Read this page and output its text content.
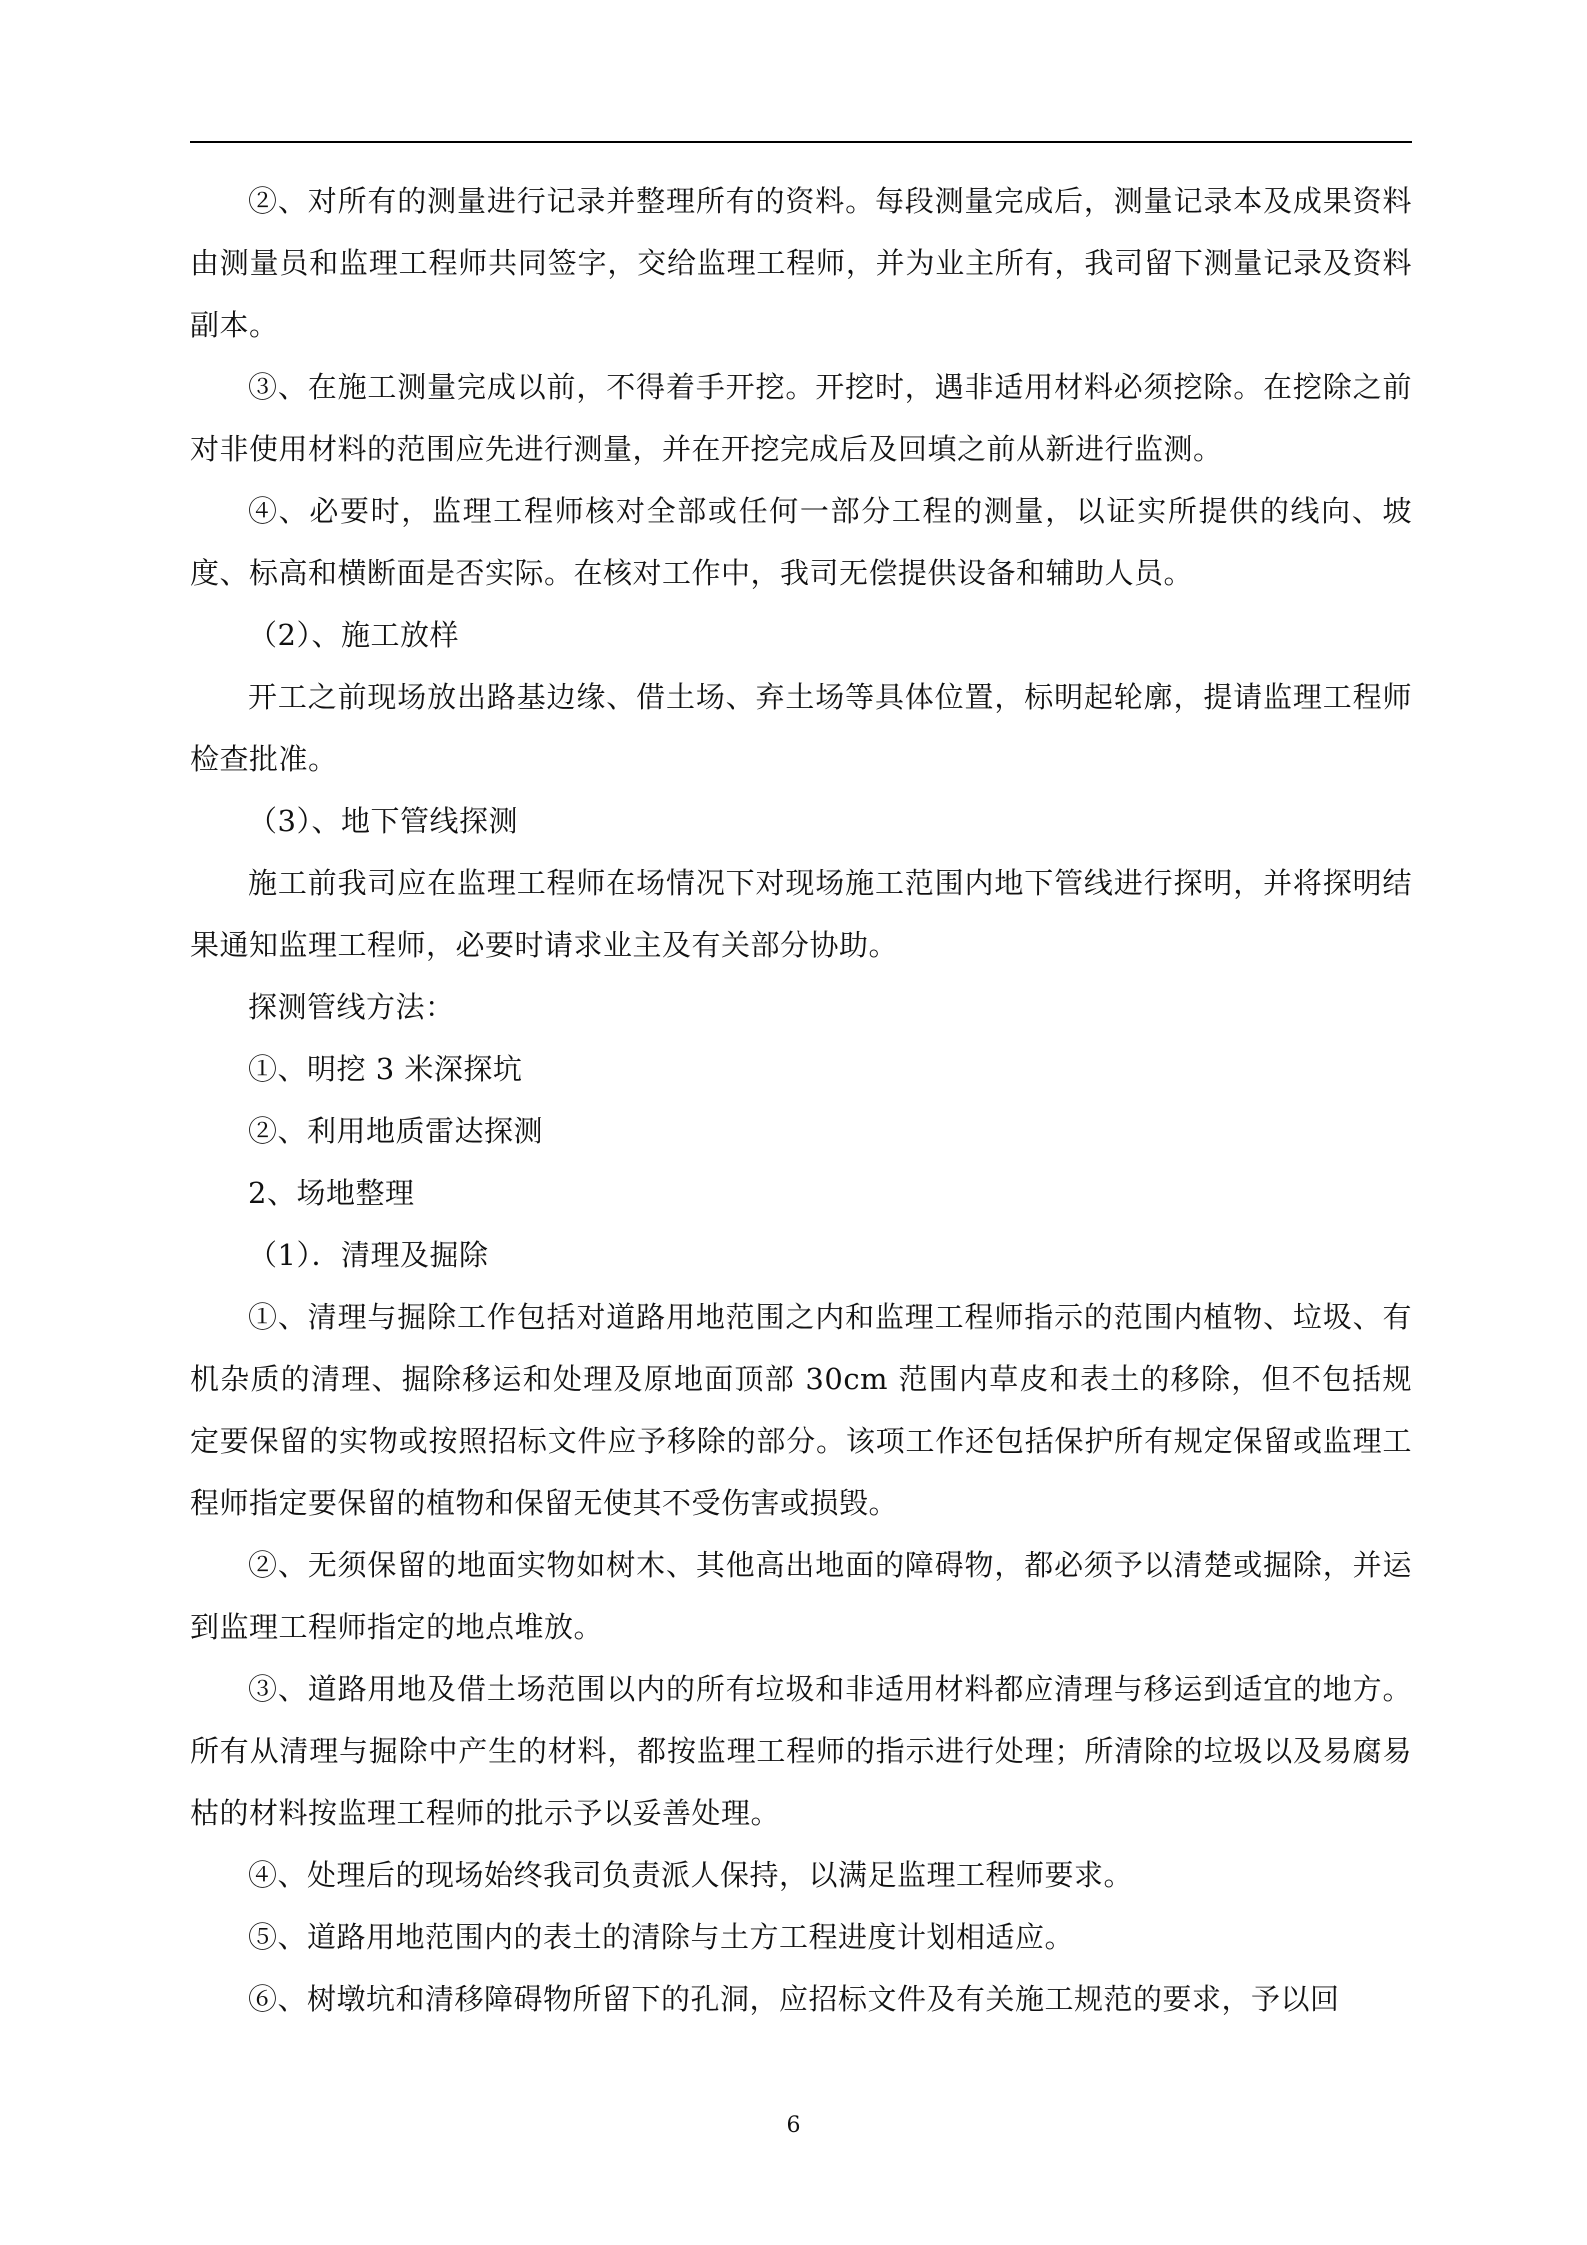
②、对所有的测量进行记录并整理所有的资料。每段测量完成后，测量记录本及成果资料由测量员和监理工程师共同签字，交给监理工程师，并为业主所有，我司留下测量记录及资料副本。

③、在施工测量完成以前，不得着手开挖。开挖时，遇非适用材料必须挖除。在挖除之前对非使用材料的范围应先进行测量，并在开挖完成后及回填之前从新进行监测。

④、必要时，监理工程师核对全部或任何一部分工程的测量，以证实所提供的线向、坡度、标高和横断面是否实际。在核对工作中，我司无偿提供设备和辅助人员。

（2）、施工放样

开工之前现场放出路基边缘、借土场、弃土场等具体位置，标明起轮廓，提请监理工程师检查批准。

（3）、地下管线探测

施工前我司应在监理工程师在场情况下对现场施工范围内地下管线进行探明，并将探明结果通知监理工程师，必要时请求业主及有关部分协助。

探测管线方法：

①、明挖 3 米深探坑

②、利用地质雷达探测

2、场地整理

（1）．清理及掘除

①、清理与掘除工作包括对道路用地范围之内和监理工程师指示的范围内植物、垃圾、有机杂质的清理、掘除移运和处理及原地面顶部 30cm 范围内草皮和表土的移除，但不包括规定要保留的实物或按照招标文件应予移除的部分。该项工作还包括保护所有规定保留或监理工程师指定要保留的植物和保留无使其不受伤害或损毁。

②、无须保留的地面实物如树木、其他高出地面的障碍物，都必须予以清楚或掘除，并运到监理工程师指定的地点堆放。

③、道路用地及借土场范围以内的所有垃圾和非适用材料都应清理与移运到适宜的地方。所有从清理与掘除中产生的材料，都按监理工程师的指示进行处理；所清除的垃圾以及易腐易枯的材料按监理工程师的批示予以妥善处理。

④、处理后的现场始终我司负责派人保持，以满足监理工程师要求。

⑤、道路用地范围内的表土的清除与土方工程进度计划相适应。

⑥、树墩坑和清移障碍物所留下的孔洞，应招标文件及有关施工规范的要求，予以回

6
